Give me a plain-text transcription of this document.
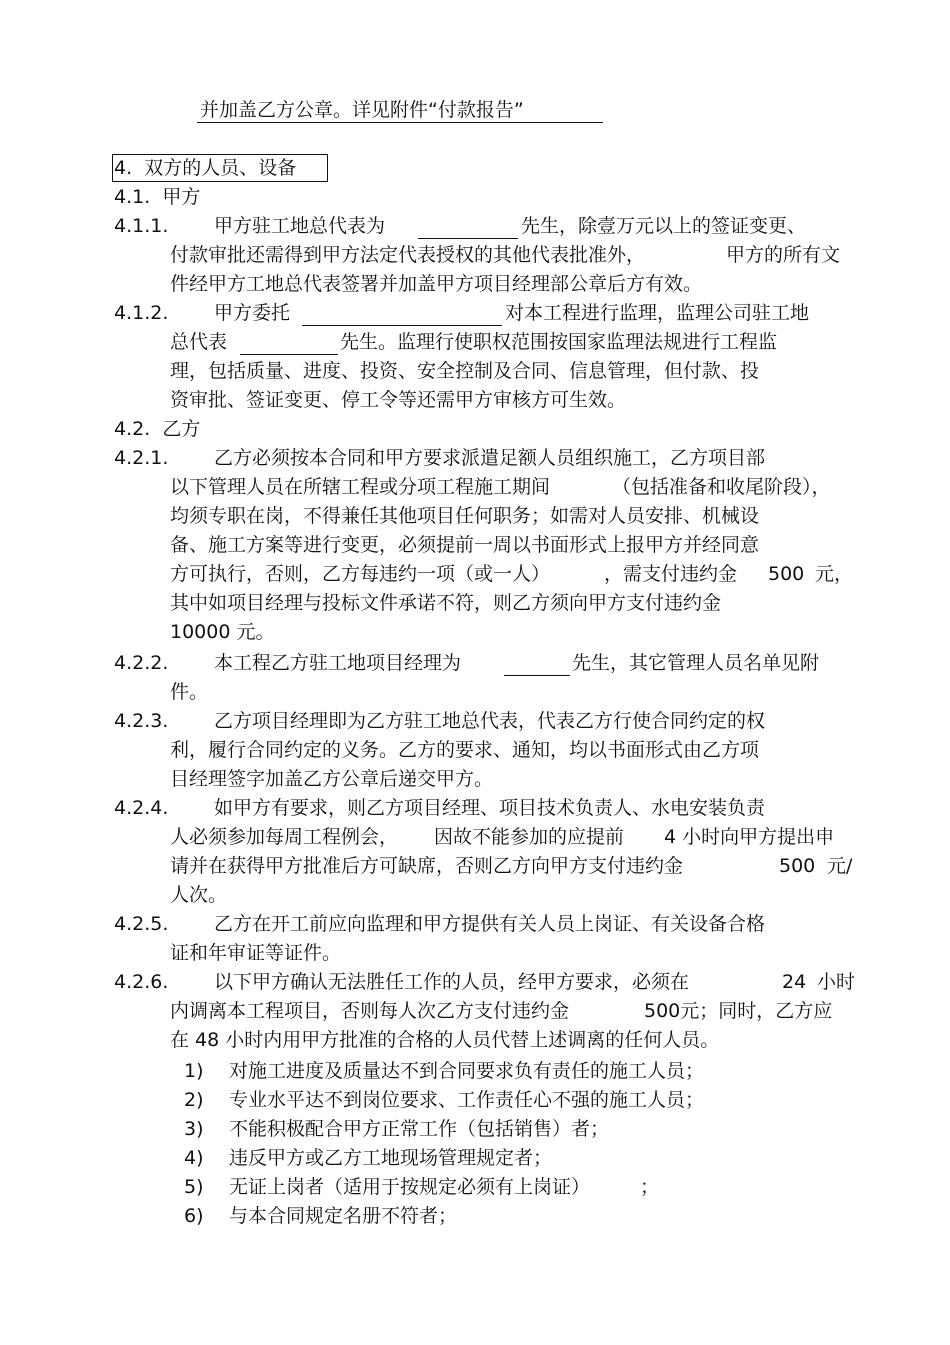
并加盖乙方公章。详见附件“付款报告”
4.  双方的人员、设备
4.1.  甲方
4.1.1. 甲方驻工地总代表为	先生，除壹万元以上的签证变更、
付款审批还需得到甲方法定代表授权的其他代表批准外，	甲方的所有文
件经甲方工地总代表签署并加盖甲方项目经理部公章后方有效。
4.1.2. 甲方委托	对本工程进行监理，监理公司驻工地
总代表	先生。监理行使职权范围按国家监理法规进行工程监
理，包括质量、进度、投资、安全控制及合同、信息管理，但付款、投
资审批、签证变更、停工令等还需甲方审核方可生效。
4.2.  乙方
4.2.1. 乙方必须按本合同和甲方要求派遣足额人员组织施工，乙方项目部
以下管理人员在所辖工程或分项工程施工期间	（包括准备和收尾阶段），
均须专职在岗，不得兼任其他项目任何职务；如需对人员安排、机械设
备、施工方案等进行变更，必须提前一周以书面形式上报甲方并经同意
方可执行，否则，乙方每违约一项（或一人）	，需支付违约金 500 元，
其中如项目经理与投标文件承诺不符，则乙方须向甲方支付违约金
10000 元。
4.2.2. 本工程乙方驻工地项目经理为	先生，其它管理人员名单见附
件。
4.2.3. 乙方项目经理即为乙方驻工地总代表，代表乙方行使合同约定的权
利，履行合同约定的义务。乙方的要求、通知，均以书面形式由乙方项
目经理签字加盖乙方公章后递交甲方。
4.2.4. 如甲方有要求，则乙方项目经理、项目技术负责人、水电安装负责
人必须参加每周工程例会， 因故不能参加的应提前 4 小时向甲方提出申
请并在获得甲方批准后方可缺席，否则乙方向甲方支付违约金	500 元/
人次。
4.2.5. 乙方在开工前应向监理和甲方提供有关人员上岗证、有关设备合格
证和年审证等证件。
4.2.6. 以下甲方确认无法胜任工作的人员，经甲方要求，必须在	24 小时
内调离本工程项目，否则每人次乙方支付违约金	500元；同时，乙方应
在 48 小时内用甲方批准的合格的人员代替上述调离的任何人员。
1) 对施工进度及质量达不到合同要求负有责任的施工人员；
2) 专业水平达不到岗位要求、工作责任心不强的施工人员；
3) 不能积极配合甲方正常工作（包括销售）者；
4) 违反甲方或乙方工地现场管理规定者；
5) 无证上岗者（适用于按规定必须有上岗证）	；
6) 与本合同规定名册不符者；
